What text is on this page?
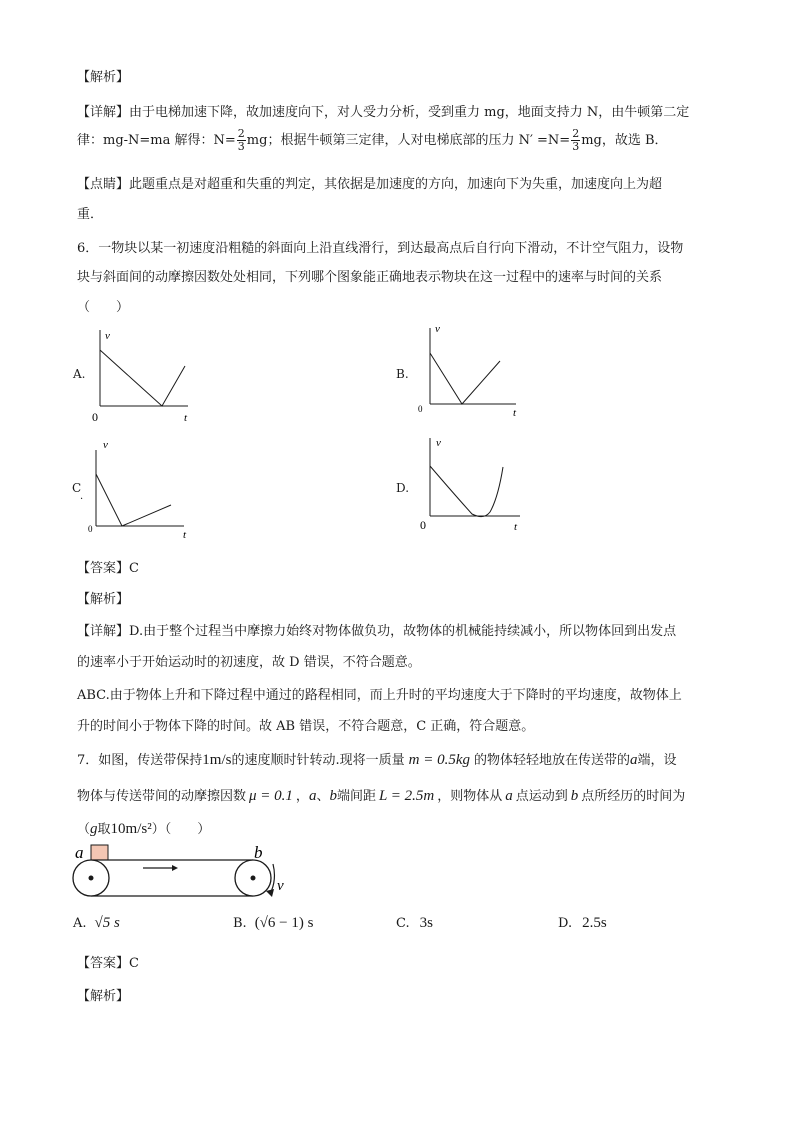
【解析】
【详解】由于电梯加速下降，故加速度向下，对人受力分析，受到重力 mg，地面支持力 N，由牛顿第二定
律：mg-N=ma 解得：$N= \frac{2}{3}$ mg；根据牛顿第三定律，人对电梯底部的压力 $N' =N= \frac{2}{3}$ mg，故选 B．
【点睛】此题重点是对超重和失重的判定，其依据是加速度的方向，加速向下为失重，加速度向上为超
重．
6．一物块以某一初速度沿粗糙的斜面向上沿直线滑行，到达最高点后自行向下滑动，不计空气阻力，设物
块与斜面间的动摩擦因数处处相同，下列哪个图象能正确地表示物块在这一过程中的速率与时间的关系
（　　）
A.
v
t
0
B.
v
t
0
C
·
v
t
0
D.
v
t
0
【答案】C
【解析】
【详解】D.由于整个过程当中摩擦力始终对物体做负功，故物体的机械能持续减小，所以物体回到出发点
的速率小于开始运动时的初速度，故 D 错误，不符合题意。
ABC.由于物体上升和下降过程中通过的路程相同，而上升时的平均速度大于下降时的平均速度，故物体上
升的时间小于物体下降的时间。故 AB 错误，不符合题意，C 正确，符合题意。
7．如图，传送带保持1m/s的速度顺时针转动.现将一质量 m = 0.5kg 的物体轻轻地放在传送带的a端，设
物体与传送带间的动摩擦因数 μ = 0.1 ，a、b端间距 L = 2.5m ，则物体从 a 点运动到 b 点所经历的时间为
（g取10m/s²）（　　）
a	b
v
A. √5 s	B. (√6 − 1) s	C. 3s	D. 2.5s
【答案】C
【解析】
